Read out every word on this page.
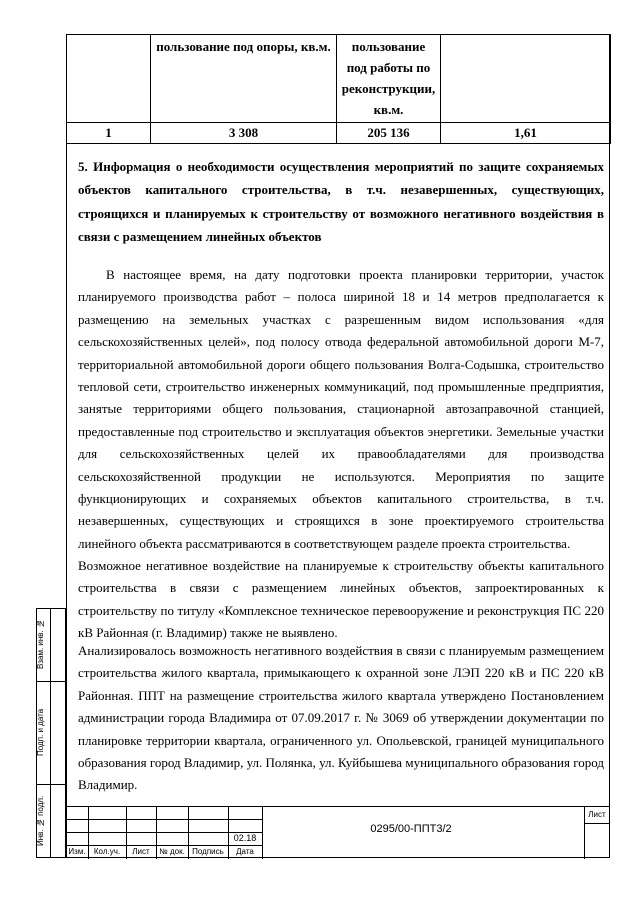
	пользование под опоры, кв.м.	пользование под работы по реконструкции, кв.м.	
1	3 308	205 136	1,61

5. Информация о необходимости осуществления мероприятий по защите сохраняемых объектов капитального строительства, в т.ч. незавершенных, существующих, строящихся и планируемых к строительству от возможного негативного воздействия в связи с размещением линейных объектов

В настоящее время, на дату подготовки проекта планировки территории, участок планируемого производства работ – полоса шириной 18 и 14 метров предполагается к размещению на земельных участках с разрешенным видом использования «для сельскохозяйственных целей», под полосу отвода федеральной автомобильной дороги М-7, территориальной автомобильной дороги общего пользования Волга-Содышка, строительство тепловой сети, строительство инженерных коммуникаций, под промышленные предприятия, занятые территориями общего пользования, стационарной автозаправочной станцией, предоставленные под строительство и эксплуатация объектов энергетики. Земельные участки для сельскохозяйственных целей их правообладателями для производства сельскохозяйственной продукции не используются. Мероприятия по защите функционирующих и сохраняемых объектов капитального строительства, в т.ч. незавершенных, существующих и строящихся в зоне проектируемого строительства линейного объекта рассматриваются в соответствующем разделе проекта строительства.

Возможное негативное воздействие на планируемые к строительству объекты капитального строительства в связи с размещением линейных объектов, запроектированных к строительству по титулу «Комплексное техническое перевооружение и реконструкция ПС 220 кВ Районная (г. Владимир) также не выявлено.

Анализировалось возможность негативного воздействия в связи с планируемым размещением строительства жилого квартала, примыкающего к охранной зоне ЛЭП 220 кВ и ПС 220 кВ Районная. ППТ на размещение строительства жилого квартала утверждено Постановлением администрации города Владимира от 07.09.2017 г. № 3069 об утверждении документации по планировке территории квартала, ограниченного ул. Опольевской, границей муниципального образования город Владимир, ул. Полянка, ул. Куйбышева муниципального образования город Владимир.

Взам. инв. №
Подп. и дата
Инв. № подл.
Изм.	Кол.уч.	Лист	№ док. Подпись	Дата
02.18
0295/00-ППТ3/2
Лист
